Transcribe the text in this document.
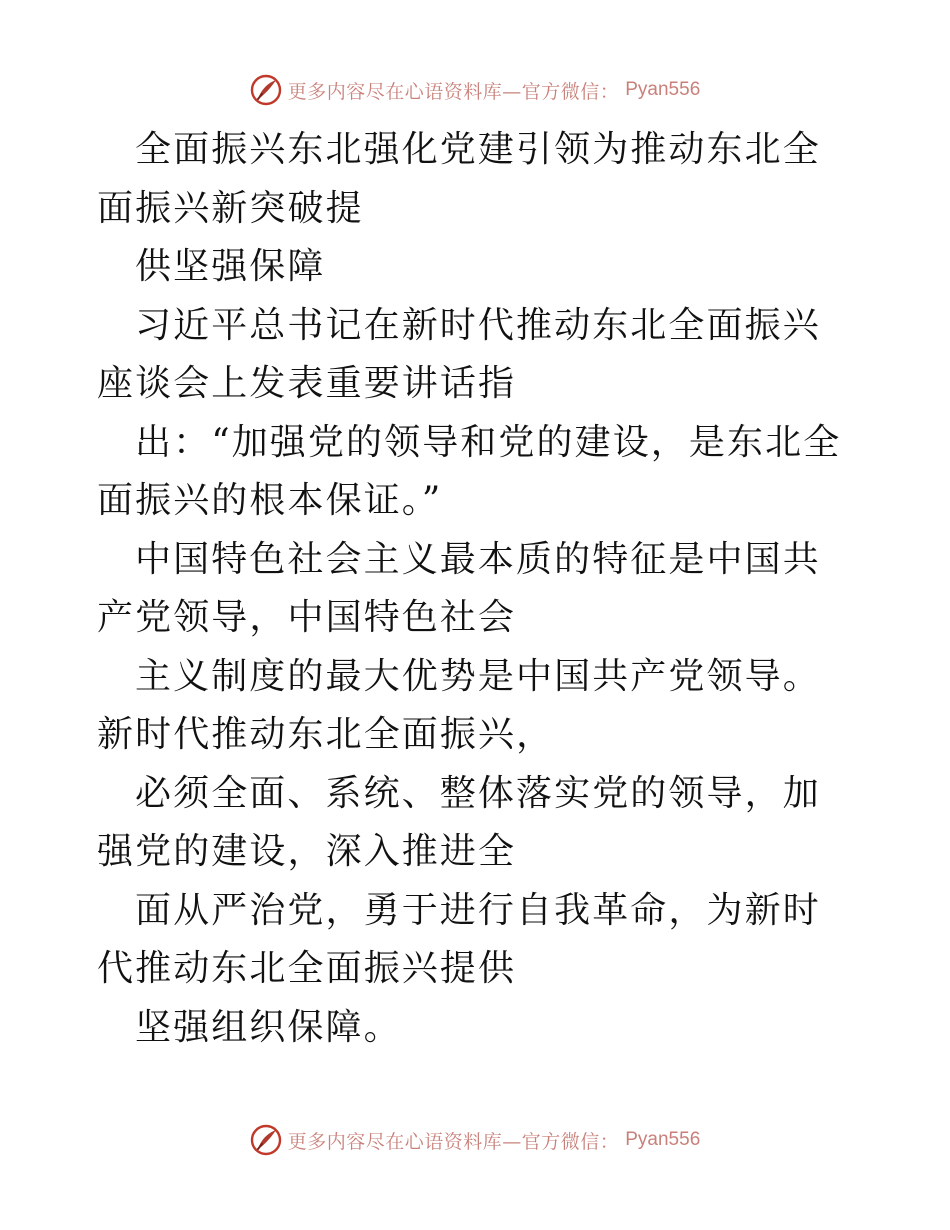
更多内容尽在心语资料库—官方微信： Pyan556

全面振兴东北强化党建引领为推动东北全面振兴新突破提

供坚强保障

习近平总书记在新时代推动东北全面振兴座谈会上发表重要讲话指

出：“加强党的领导和党的建设，是东北全面振兴的根本保证。”

中国特色社会主义最本质的特征是中国共产党领导，中国特色社会

主义制度的最大优势是中国共产党领导。新时代推动东北全面振兴，

必须全面、系统、整体落实党的领导，加强党的建设，深入推进全

面从严治党，勇于进行自我革命，为新时代推动东北全面振兴提供

坚强组织保障。

更多内容尽在心语资料库—官方微信： Pyan556
